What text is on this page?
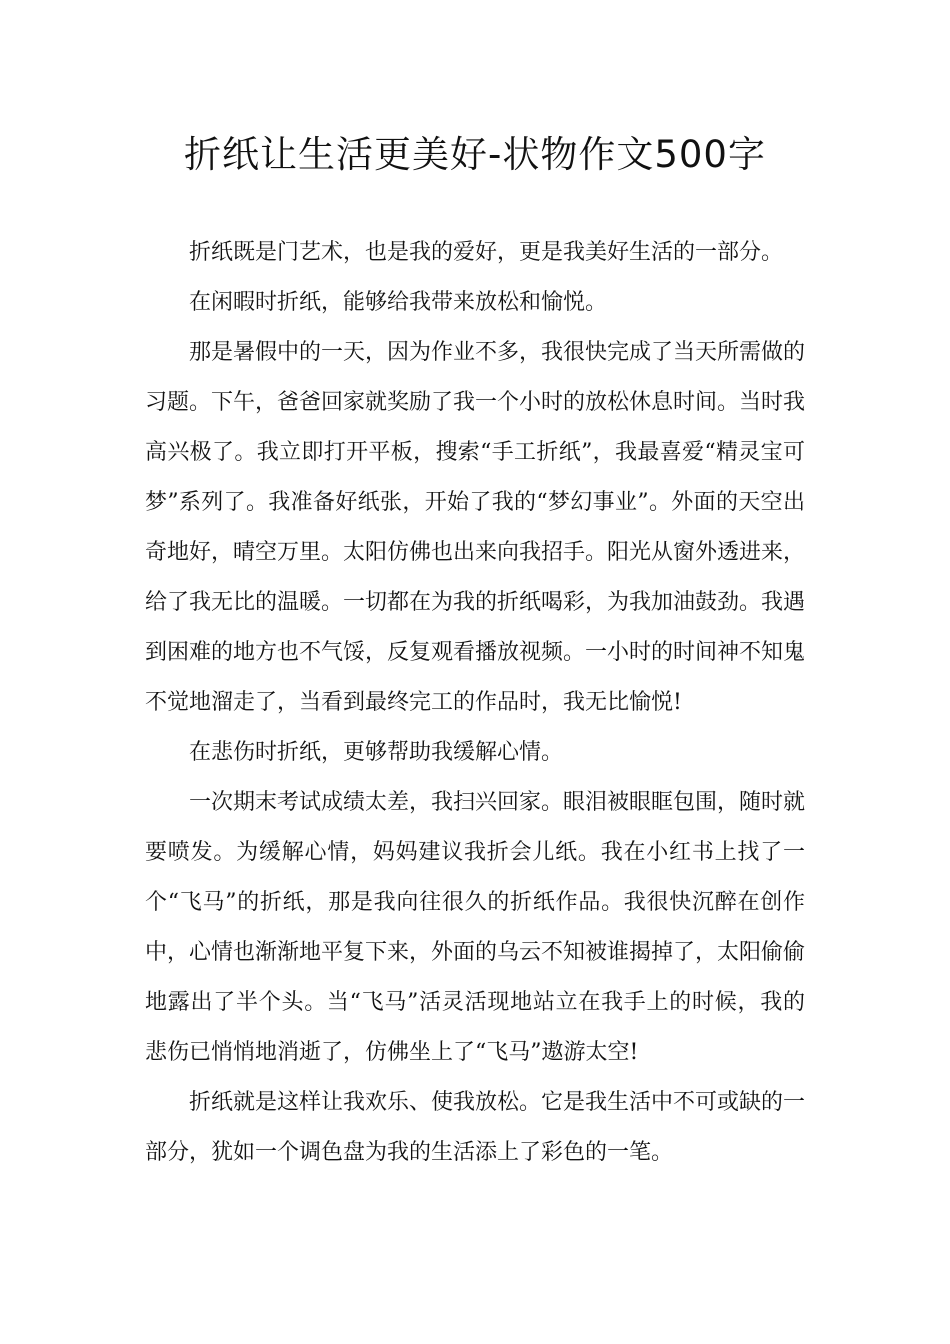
折纸让生活更美好-状物作文500字

折纸既是门艺术，也是我的爱好，更是我美好生活的一部分。

在闲暇时折纸，能够给我带来放松和愉悦。

那是暑假中的一天，因为作业不多，我很快完成了当天所需做的习题。下午，爸爸回家就奖励了我一个小时的放松休息时间。当时我高兴极了。我立即打开平板，搜索“手工折纸”，我最喜爱“精灵宝可梦”系列了。我准备好纸张，开始了我的“梦幻事业”。外面的天空出奇地好，晴空万里。太阳仿佛也出来向我招手。阳光从窗外透进来，给了我无比的温暖。一切都在为我的折纸喝彩，为我加油鼓劲。我遇到困难的地方也不气馁，反复观看播放视频。一小时的时间神不知鬼不觉地溜走了，当看到最终完工的作品时，我无比愉悦!

在悲伤时折纸，更够帮助我缓解心情。

一次期末考试成绩太差，我扫兴回家。眼泪被眼眶包围，随时就要喷发。为缓解心情，妈妈建议我折会儿纸。我在小红书上找了一个“飞马”的折纸，那是我向往很久的折纸作品。我很快沉醉在创作中，心情也渐渐地平复下来，外面的乌云不知被谁揭掉了，太阳偷偷地露出了半个头。当“飞马”活灵活现地站立在我手上的时候，我的悲伤已悄悄地消逝了，仿佛坐上了“飞马”遨游太空!

折纸就是这样让我欢乐、使我放松。它是我生活中不可或缺的一部分，犹如一个调色盘为我的生活添上了彩色的一笔。
